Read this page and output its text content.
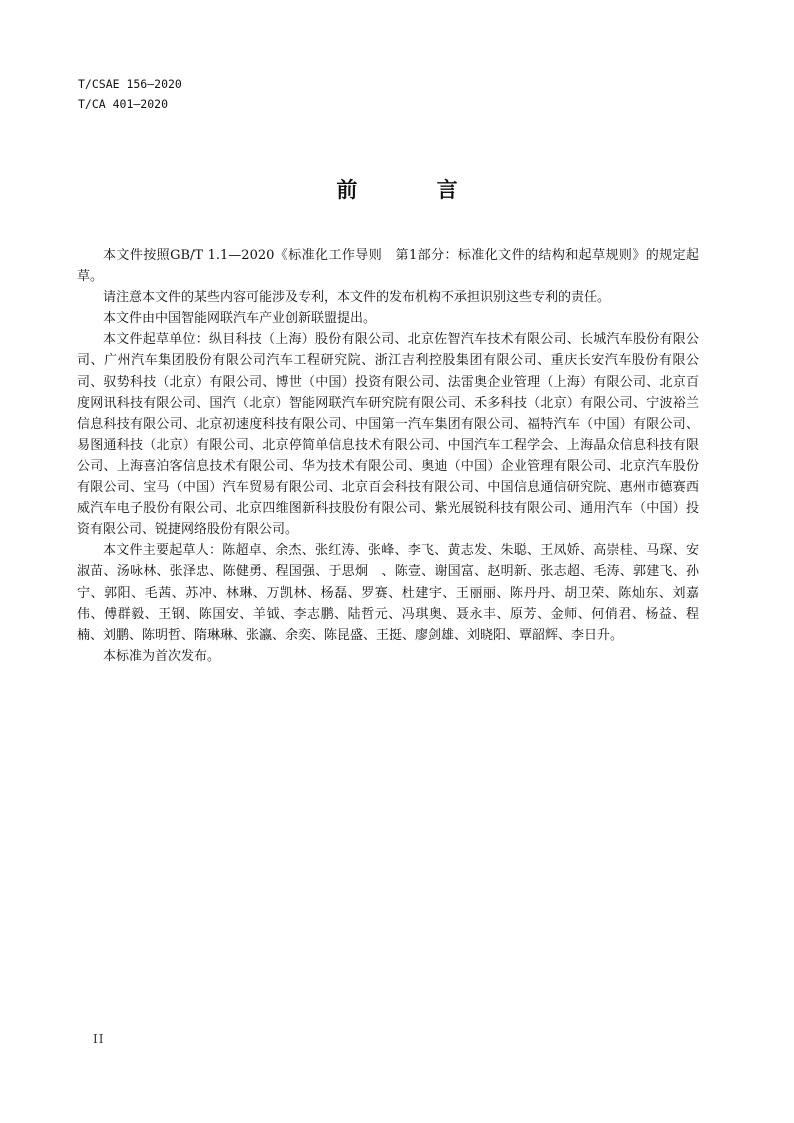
T/CSAE 156—2020
T/CA 401—2020
前 言

本文件按照GB/T 1.1—2020《标准化工作导则　第1部分：标准化文件的结构和起草规则》的规定起草。

请注意本文件的某些内容可能涉及专利，本文件的发布机构不承担识别这些专利的责任。

本文件由中国智能网联汽车产业创新联盟提出。

本文件起草单位：纵目科技（上海）股份有限公司、北京佐智汽车技术有限公司、长城汽车股份有限公司、广州汽车集团股份有限公司汽车工程研究院、浙江吉利控股集团有限公司、重庆长安汽车股份有限公司、驭势科技（北京）有限公司、博世（中国）投资有限公司、法雷奥企业管理（上海）有限公司、北京百度网讯科技有限公司、国汽（北京）智能网联汽车研究院有限公司、禾多科技（北京）有限公司、宁波裕兰信息科技有限公司、北京初速度科技有限公司、中国第一汽车集团有限公司、福特汽车（中国）有限公司、易图通科技（北京）有限公司、北京停简单信息技术有限公司、中国汽车工程学会、上海晶众信息科技有限公司、上海喜泊客信息技术有限公司、华为技术有限公司、奥迪（中国）企业管理有限公司、北京汽车股份有限公司、宝马（中国）汽车贸易有限公司、北京百会科技有限公司、中国信息通信研究院、惠州市德赛西威汽车电子股份有限公司、北京四维图新科技股份有限公司、紫光展锐科技有限公司、通用汽车（中国）投资有限公司、锐捷网络股份有限公司。

本文件主要起草人：陈超卓、余杰、张红涛、张峰、李飞、黄志发、朱聪、王凤娇、高崇桂、马琛、安淑苗、汤咏林、张泽忠、陈健勇、程国强、于思炯　、陈壹、谢国富、赵明新、张志超、毛涛、郭建飞、孙宁、郭阳、毛茜、苏冲、林琳、万凯林、杨磊、罗赛、杜建宇、王丽丽、陈丹丹、胡卫荣、陈灿东、刘嘉伟、傅群毅、王钢、陈国安、羊钺、李志鹏、陆哲元、冯琪奥、聂永丰、原芳、金师、何俏君、杨益、程楠、刘鹏、陈明哲、隋琳琳、张瀛、余奕、陈昆盛、王挺、廖剑雄、刘晓阳、覃韶辉、李日升。

本标准为首次发布。

II
